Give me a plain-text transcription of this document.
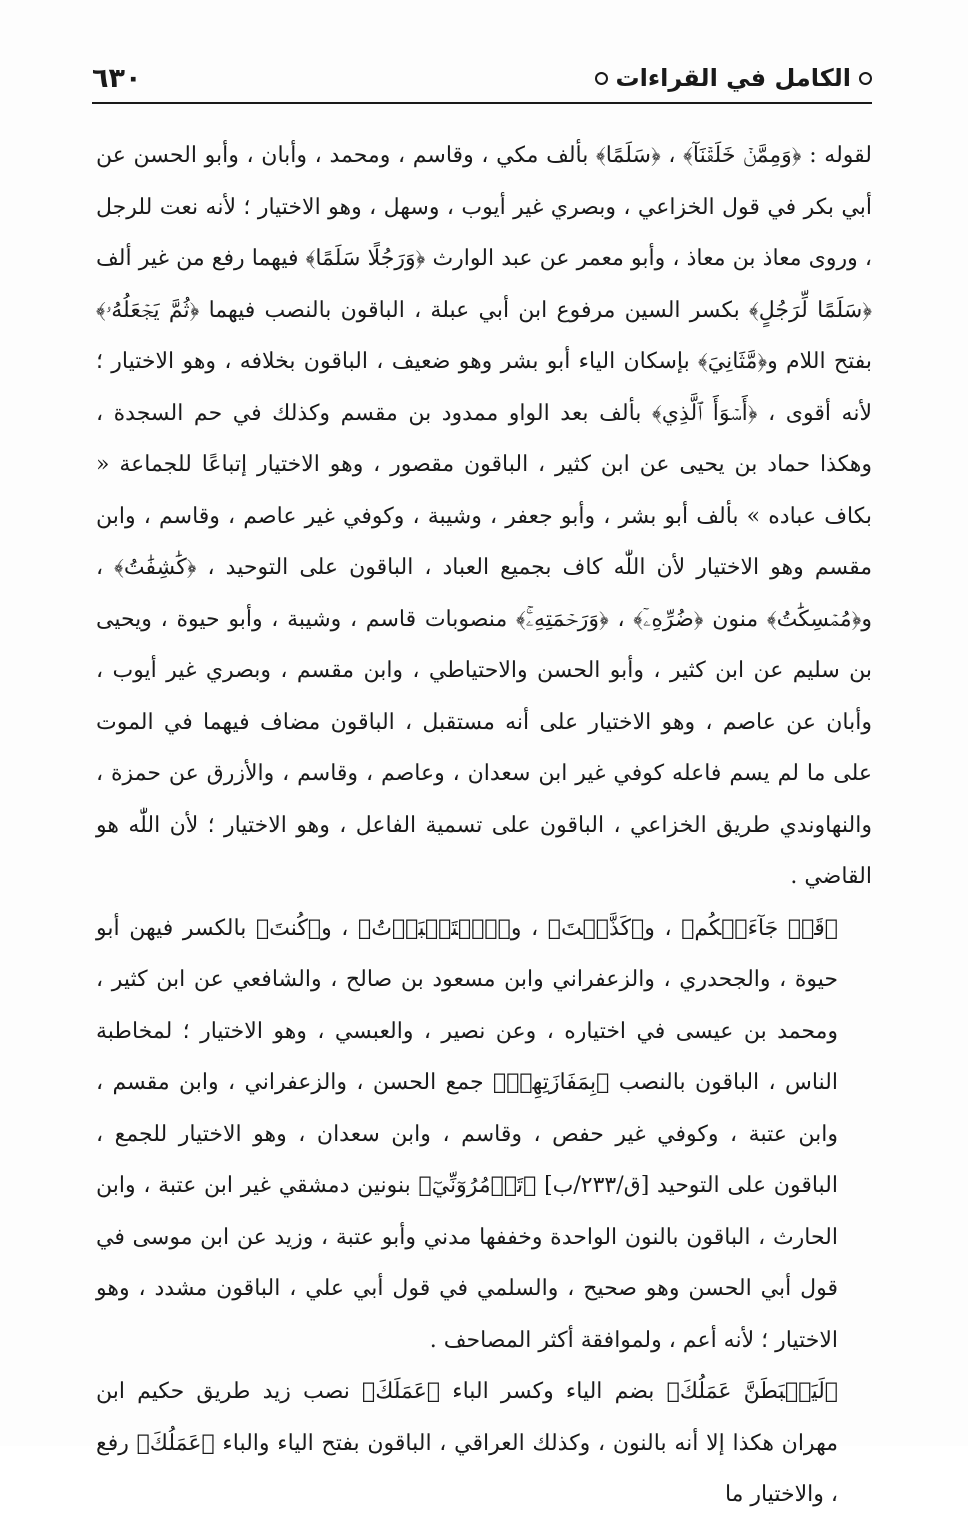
٦٣٠	الكامل في القراءات

لقوله : ﴿وَمِمَّنۡ خَلَقۡنَآ﴾ ، ﴿سَلَمًا﴾ بألف مكي ، وقاسم ، ومحمد ، وأبان ، وأبو الحسن عن أبي بكر في قول الخزاعي ، وبصري غير أيوب ، وسهل ، وهو الاختيار ؛ لأنه نعت للرجل ، وروى معاذ بن معاذ ، وأبو معمر عن عبد الوارث ﴿وَرَجُلًا سَلَمًا﴾ فيهما رفع من غير ألف ﴿سَلَمًا لِّرَجُلٍ﴾ بكسر السين مرفوع ابن أبي عبلة ، الباقون بالنصب فيهما ﴿ثُمَّ يَجۡعَلُهُۥ﴾ بفتح اللام و﴿مَّثَانِيَ﴾ بإسكان الياء أبو بشر وهو ضعيف ، الباقون بخلافه ، وهو الاختيار ؛ لأنه أقوى ، ﴿أَسۡوَأَ ٱلَّذِي﴾ بألف بعد الواو ممدود بن مقسم وكذلك في حم السجدة ، وهكذا حماد بن يحيى عن ابن كثير ، الباقون مقصور ، وهو الاختيار إتباعًا للجماعة « بكاف عباده » بألف أبو بشر ، وأبو جعفر ، وشيبة ، وكوفي غير عاصم ، وقاسم ، وابن مقسم وهو الاختيار لأن اللّٰه كاف بجميع العباد ، الباقون على التوحيد ، ﴿كَٰشِفَٰتُ﴾ ، و﴿مُمۡسِكَٰتُ﴾ منون ﴿ضُرِّهِۦٓ﴾ ، ﴿وَرَحۡمَتِهِۦۚ﴾ منصوبات قاسم ، وشيبة ، وأبو حيوة ، ويحيى بن سليم عن ابن كثير ، وأبو الحسن والاحتياطي ، وابن مقسم ، وبصري غير أيوب ، وأبان عن عاصم ، وهو الاختيار على أنه مستقبل ، الباقون مضاف فيهما في الموت على ما لم يسم فاعله كوفي غير ابن سعدان ، وعاصم ، وقاسم ، والأزرق عن حمزة ، والنهاوندي طريق الخزاعي ، الباقون على تسمية الفاعل ، وهو الاختيار ؛ لأن اللّٰه هو القاضي .

﴿قَدۡ جَآءَتۡكُم﴾ ، و﴿كَذَّبۡتَ﴾ ، و﴿ٱسۡتَكۡبَرۡتُ﴾ ، و﴿كُنتَ﴾ بالكسر فيهن أبو حيوة ، والجحدري ، والزعفراني وابن مسعود بن صالح ، والشافعي عن ابن كثير ، ومحمد بن عيسى في اختياره ، وعن نصير ، والعبسي ، وهو الاختيار ؛ لمخاطبة الناس ، الباقون بالنصب ﴿بِمَفَازَتِهِمۡ﴾ جمع الحسن ، والزعفراني ، وابن مقسم ، وابن عتبة ، وكوفي غير حفص ، وقاسم ، وابن سعدان ، وهو الاختيار للجمع ، الباقون على التوحيد [ق/٢٣٣/ب] ﴿تَأۡمُرُوٓنِّيٓ﴾ بنونين دمشقي غير ابن عتبة ، وابن الحارث ، الباقون بالنون الواحدة وخففها مدني وأبو عتبة ، وزيد عن ابن موسى في قول أبي الحسن وهو صحيح ، والسلمي في قول أبي علي ، الباقون مشدد ، وهو الاختيار ؛ لأنه أعم ، ولموافقة أكثر المصاحف .

﴿لَيَحۡبَطَنَّ عَمَلُكَ﴾ بضم الياء وكسر الباء ﴿عَمَلَكَ﴾ نصب زيد طريق حكيم ابن مهران هكذا إلا أنه بالنون ، وكذلك العراقي ، الباقون بفتح الياء والباء ﴿عَمَلُكَ﴾ رفع ، والاختيار ما
